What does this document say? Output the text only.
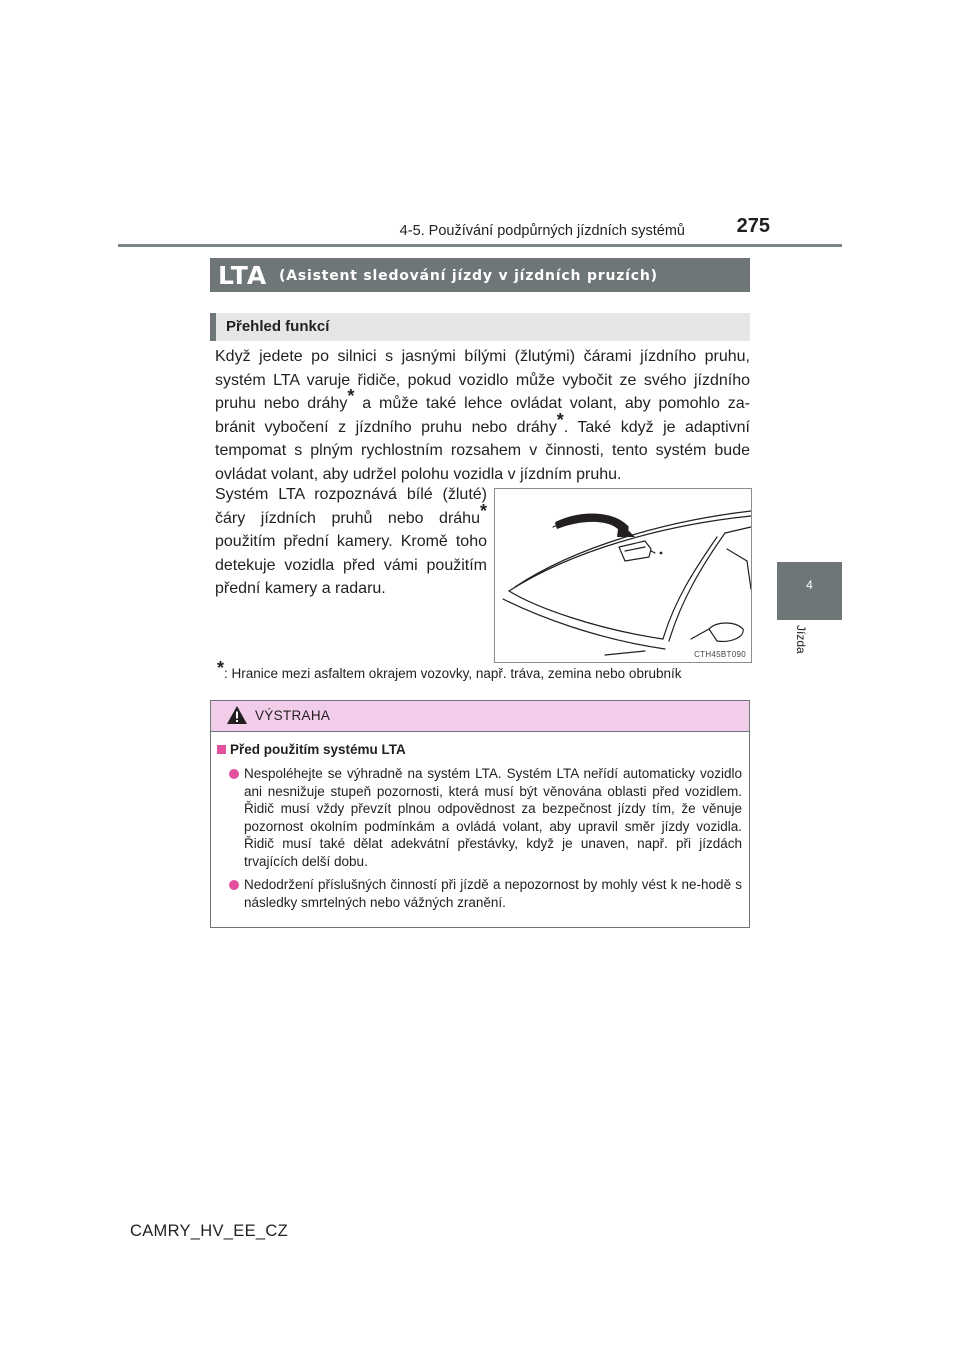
4-5. Používání podpůrných jízdních systémů	275
4
Jízda
LTA (Asistent sledování jízdy v jízdních pruzích)
Přehled funkcí
Když jedete po silnici s jasnými bílými (žlutými) čárami jízdního pruhu, systém LTA varuje řidiče, pokud vozidlo může vybočit ze svého jízdního pruhu nebo dráhy* a může také lehce ovládat volant, aby pomohlo za-bránit vybočení z jízdního pruhu nebo dráhy*. Také když je adaptivní tempomat s plným rychlostním rozsahem v činnosti, tento systém bude ovládat volant, aby udržel polohu vozidla v jízdním pruhu.
Systém LTA rozpoznává bílé (žluté) čáry jízdních pruhů nebo dráhu* použitím přední kamery. Kromě toho detekuje vozidla před vámi použitím přední kamery a radaru.
CTH45BT090
*: Hranice mezi asfaltem okrajem vozovky, např. tráva, zemina nebo obrubník
VÝSTRAHA
Před použitím systému LTA
Nespoléhejte se výhradně na systém LTA. Systém LTA neřídí automaticky vozidlo ani nesnižuje stupeň pozornosti, která musí být věnována oblasti před vozidlem. Řidič musí vždy převzít plnou odpovědnost za bezpečnost jízdy tím, že věnuje pozornost okolním podmínkám a ovládá volant, aby upravil směr jízdy vozidla. Řidič musí také dělat adekvátní přestávky, když je unaven, např. při jízdách trvajících delší dobu.
Nedodržení příslušných činností při jízdě a nepozornost by mohly vést k ne-hodě s následky smrtelných nebo vážných zranění.
CAMRY_HV_EE_CZ
